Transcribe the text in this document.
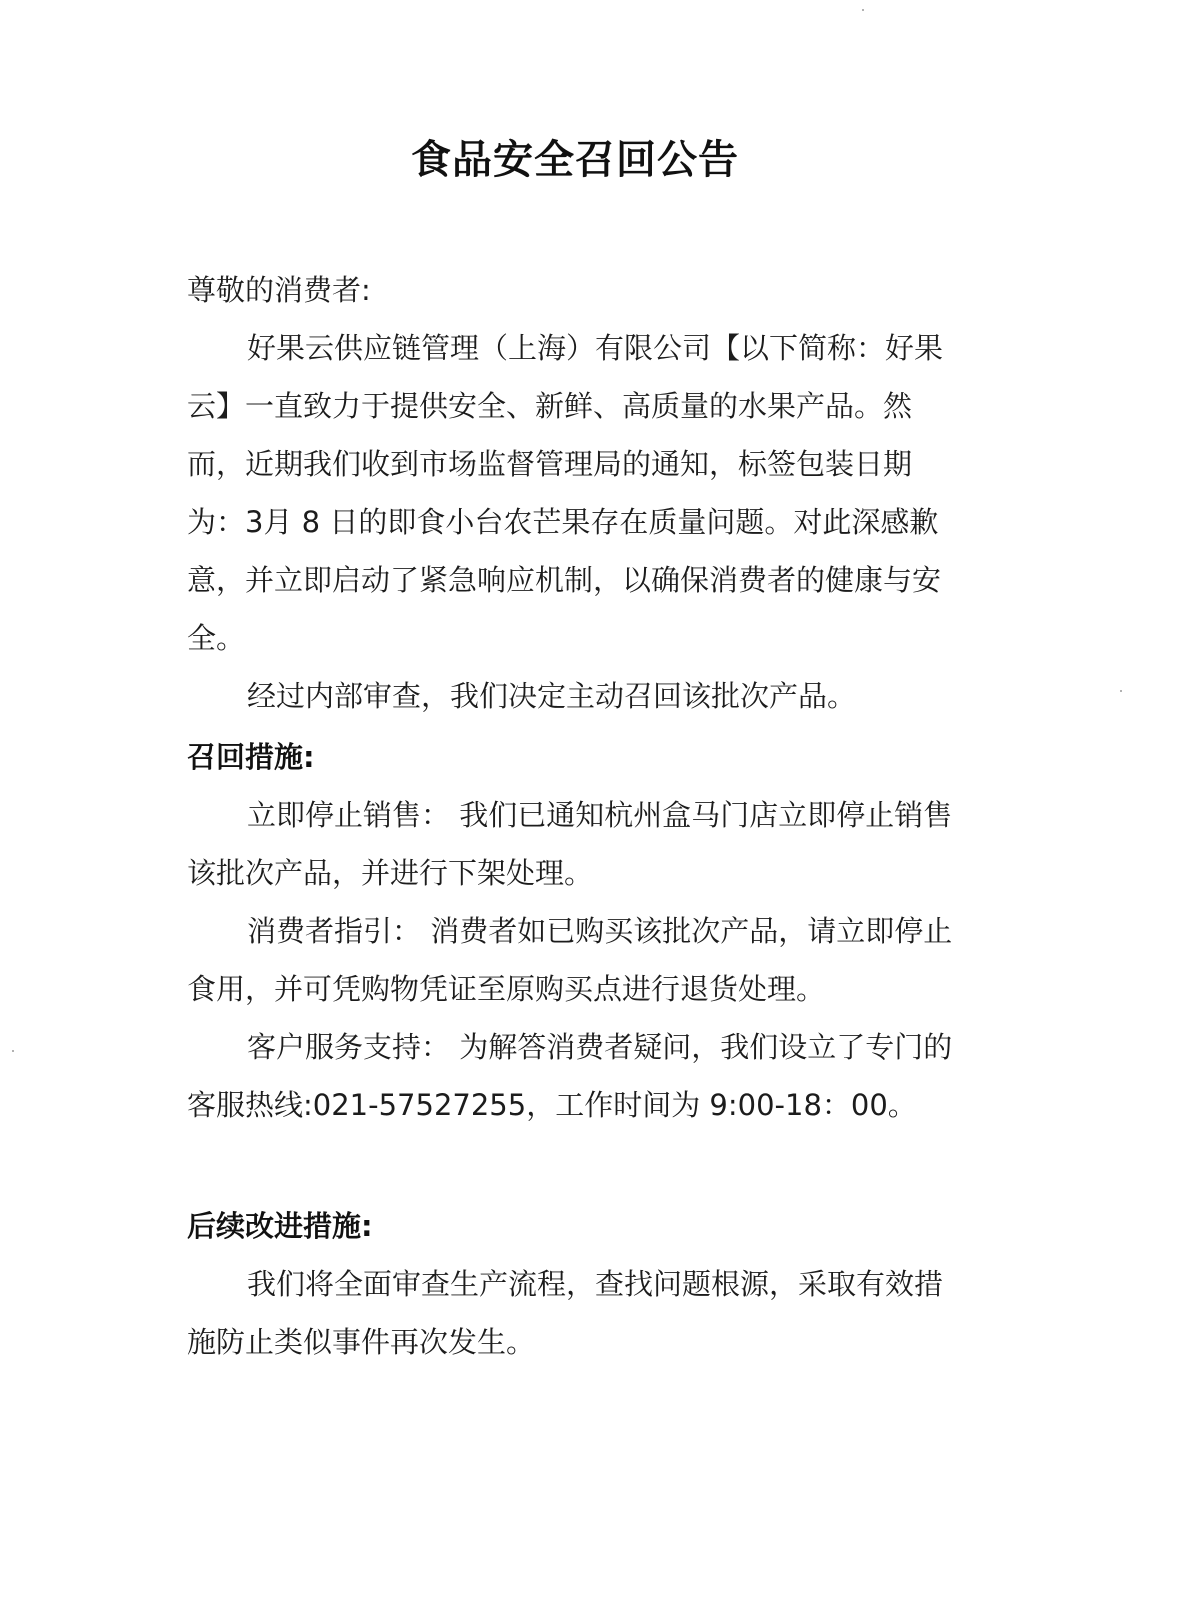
食品安全召回公告

尊敬的消费者:

好果云供应链管理（上海）有限公司【以下简称：好果云】一直致力于提供安全、新鲜、高质量的水果产品。然而，近期我们收到市场监督管理局的通知，标签包装日期为：3月 8 日的即食小台农芒果存在质量问题。对此深感歉意，并立即启动了紧急响应机制，以确保消费者的健康与安全。

经过内部审查，我们决定主动召回该批次产品。

召回措施:

立即停止销售： 我们已通知杭州盒马门店立即停止销售该批次产品，并进行下架处理。

消费者指引： 消费者如已购买该批次产品，请立即停止食用，并可凭购物凭证至原购买点进行退货处理。

客户服务支持： 为解答消费者疑问，我们设立了专门的客服热线:021-57527255，工作时间为 9:00-18：00。

后续改进措施:

我们将全面审查生产流程，查找问题根源，采取有效措施防止类似事件再次发生。
